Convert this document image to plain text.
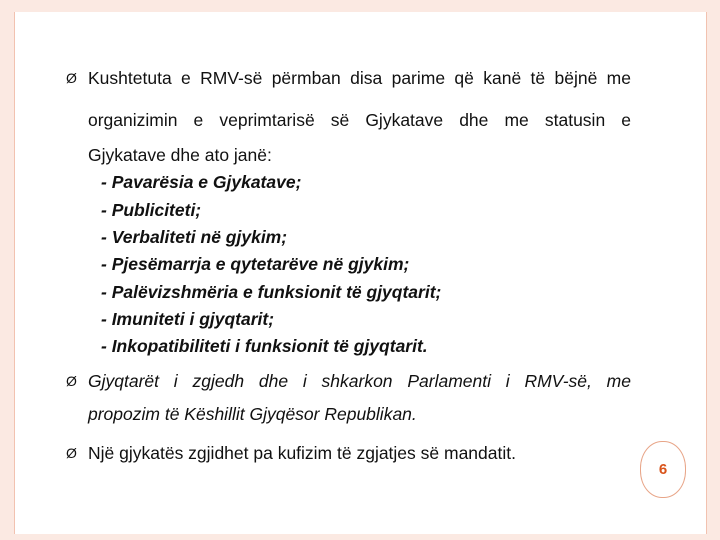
Ø Kushtetuta e RMV-së përmban disa parime që kanë të bëjnë me
organizimin e veprimtarisë së Gjykatave dhe me statusin e
Gjykatave dhe ato janë:
- Pavarësia e Gjykatave;
- Publiciteti;
- Verbaliteti në gjykim;
- Pjesëmarrja e qytetarëve në gjykim;
- Palëvizshmëria e funksionit të gjyqtarit;
- Imuniteti i gjyqtarit;
- Inkopatibiliteti i funksionit të gjyqtarit.
Ø Gjyqtarët i zgjedh dhe i shkarkon Parlamenti i RMV-së, me
propozim të Këshillit Gjyqësor Republikan.
Ø Një gjykatës zgjidhet pa kufizim të zgjatjes së mandatit.
6
